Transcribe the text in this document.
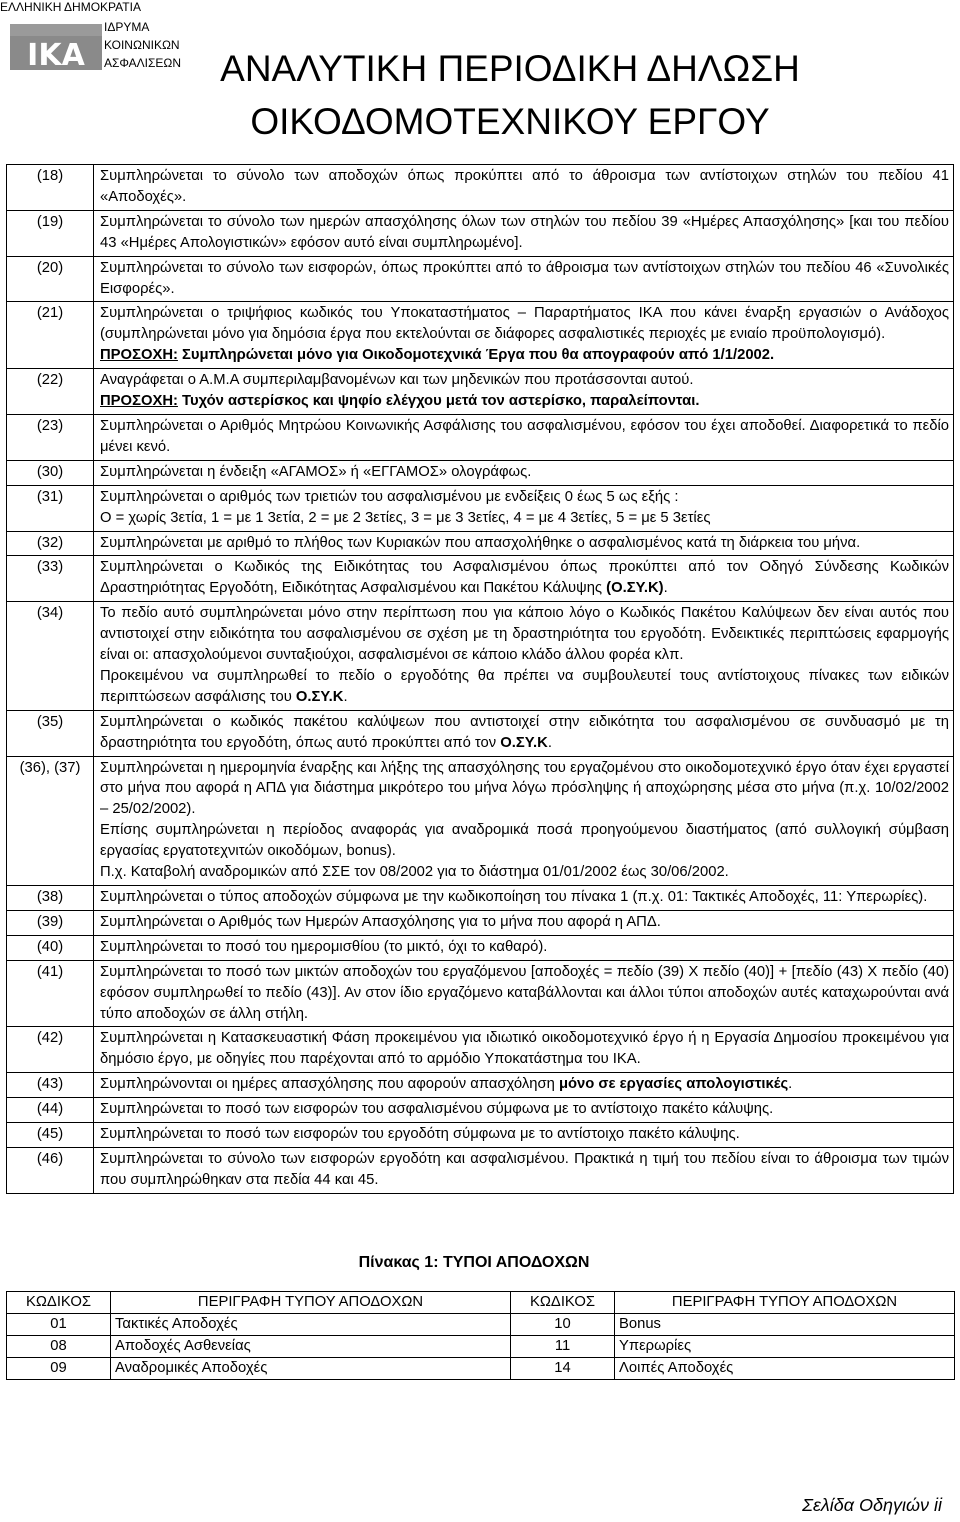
ΕΛΛΗΝΙΚΗ ΔΗΜΟΚΡΑΤΙΑ
ΙΔΡΥΜΑ
ΚΟΙΝΩΝΙΚΩΝ
ΑΣΦΑΛΙΣΕΩΝ
ΙΚΑ	ΑΝΑΛΥΤΙΚΗ ΠΕΡΙΟΔΙΚΗ ΔΗΛΩΣΗ
ΟΙΚΟΔΟΜΟΤΕΧΝΙΚΟΥ ΕΡΓΟΥ
(18)	Συμπληρώνεται το σύνολο των αποδοχών όπως προκύπτει από το άθροισμα των αντίστοιχων στηλών του πεδίου 41 «Αποδοχές».

(19)	Συμπληρώνεται το σύνολο των ημερών απασχόλησης όλων των στηλών του πεδίου 39 «Ημέρες Απασχόλησης» [και του πεδίου 43 «Ημέρες Απολογιστικών» εφόσον αυτό είναι συμπληρωμένο].

(20)	Συμπληρώνεται το σύνολο των εισφορών, όπως προκύπτει από το άθροισμα των αντίστοιχων στηλών του πεδίου 46 «Συνολικές Εισφορές».

(21)	Συμπληρώνεται ο τριψήφιος κωδικός του Υποκαταστήματος – Παραρτήματος ΙΚΑ που κάνει έναρξη εργασιών ο Ανάδοχος (συμπληρώνεται μόνο για δημόσια έργα που εκτελούνται σε διάφορες ασφαλιστικές περιοχές με ενιαίο προϋπολογισμό).
ΠΡΟΣΟΧΗ: Συμπληρώνεται μόνο για Οικοδομοτεχνικά Έργα που θα απογραφούν από 1/1/2002.

(22)	Αναγράφεται ο Α.Μ.Α συμπεριλαμβανομένων και των μηδενικών που προτάσσονται αυτού.
ΠΡΟΣΟΧΗ: Τυχόν αστερίσκος και ψηφίο ελέγχου μετά τον αστερίσκο, παραλείπονται.

(23)	Συμπληρώνεται ο Αριθμός Μητρώου Κοινωνικής Ασφάλισης του ασφαλισμένου, εφόσον του έχει αποδοθεί. Διαφορετικά το πεδίο μένει κενό.

(30)	Συμπληρώνεται η ένδειξη «ΑΓΑΜΟΣ» ή «ΕΓΓΑΜΟΣ» ολογράφως.

(31)	Συμπληρώνεται ο αριθμός των τριετιών του ασφαλισμένου με ενδείξεις 0 έως 5 ως εξής :
Ο = χωρίς 3ετία, 1 = με 1 3ετία, 2 = με 2 3ετίες, 3 = με 3 3ετίες, 4 = με 4 3ετίες, 5 = με 5 3ετίες

(32)	Συμπληρώνεται με αριθμό το πλήθος των Κυριακών που απασχολήθηκε ο ασφαλισμένος κατά τη διάρκεια του μήνα.

(33)	Συμπληρώνεται ο Κωδικός της Ειδικότητας του Ασφαλισμένου όπως προκύπτει από τον Οδηγό Σύνδεσης Κωδικών Δραστηριότητας Εργοδότη, Ειδικότητας Ασφαλισμένου και Πακέτου Κάλυψης (Ο.ΣΥ.Κ).

(34)	Το πεδίο αυτό συμπληρώνεται μόνο στην περίπτωση που για κάποιο λόγο ο Κωδικός Πακέτου Καλύψεων δεν είναι αυτός που αντιστοιχεί στην ειδικότητα του ασφαλισμένου σε σχέση με τη δραστηριότητα του εργοδότη. Ενδεικτικές περιπτώσεις εφαρμογής είναι οι: απασχολούμενοι συνταξιούχοι, ασφαλισμένοι σε κάποιο κλάδο άλλου φορέα κλπ.
Προκειμένου να συμπληρωθεί το πεδίο ο εργοδότης θα πρέπει να συμβουλευτεί τους αντίστοιχους πίνακες των ειδικών περιπτώσεων ασφάλισης του Ο.ΣΥ.Κ.

(35)	Συμπληρώνεται ο κωδικός πακέτου καλύψεων που αντιστοιχεί στην ειδικότητα του ασφαλισμένου σε συνδυασμό με τη δραστηριότητα του εργοδότη, όπως αυτό προκύπτει από τον Ο.ΣΥ.Κ.

(36), (37)	Συμπληρώνεται η ημερομηνία έναρξης και λήξης της απασχόλησης του εργαζομένου στο οικοδομοτεχνικό έργο όταν έχει εργαστεί στο μήνα που αφορά η ΑΠΔ για διάστημα μικρότερο του μήνα λόγω πρόσληψης ή αποχώρησης μέσα στο μήνα (π.χ. 10/02/2002 – 25/02/2002).
Επίσης συμπληρώνεται η περίοδος αναφοράς για αναδρομικά ποσά προηγούμενου διαστήματος (από συλλογική σύμβαση εργασίας εργατοτεχνιτών οικοδόμων, bonus).
Π.χ. Καταβολή αναδρομικών από ΣΣΕ τον 08/2002 για το διάστημα 01/01/2002 έως 30/06/2002.

(38)	Συμπληρώνεται ο τύπος αποδοχών σύμφωνα με την κωδικοποίηση του πίνακα 1 (π.χ. 01: Τακτικές Αποδοχές, 11: Υπερωρίες).

(39)	Συμπληρώνεται ο Αριθμός των Ημερών Απασχόλησης για το μήνα που αφορά η ΑΠΔ.

(40)	Συμπληρώνεται το ποσό του ημερομισθίου (το μικτό, όχι το καθαρό).

(41)	Συμπληρώνεται το ποσό των μικτών αποδοχών του εργαζόμενου [αποδοχές = πεδίο (39) Χ πεδίο (40)] + [πεδίο (43) Χ πεδίο (40) εφόσον συμπληρωθεί το πεδίο (43)]. Αν στον ίδιο εργαζόμενο καταβάλλονται και άλλοι τύποι αποδοχών αυτές καταχωρούνται ανά τύπο αποδοχών σε άλλη στήλη.

(42)	Συμπληρώνεται η Κατασκευαστική Φάση προκειμένου για ιδιωτικό οικοδομοτεχνικό έργο ή η Εργασία Δημοσίου προκειμένου για δημόσιο έργο, με οδηγίες που παρέχονται από το αρμόδιο Υποκατάστημα του ΙΚΑ.

(43)	Συμπληρώνονται οι ημέρες απασχόλησης που αφορούν απασχόληση μόνο σε εργασίες απολογιστικές.

(44)	Συμπληρώνεται το ποσό των εισφορών του ασφαλισμένου σύμφωνα με το αντίστοιχο πακέτο κάλυψης.

(45)	Συμπληρώνεται το ποσό των εισφορών του εργοδότη σύμφωνα με το αντίστοιχο πακέτο κάλυψης.

(46)	Συμπληρώνεται το σύνολο των εισφορών εργοδότη και ασφαλισμένου. Πρακτικά η τιμή του πεδίου είναι το άθροισμα των τιμών που συμπληρώθηκαν στα πεδία 44 και 45.
Πίνακας 1: ΤΥΠΟΙ ΑΠΟΔΟΧΩΝ
ΚΩΔΙΚΟΣ	ΠΕΡΙΓΡΑΦΗ ΤΥΠΟΥ ΑΠΟΔΟΧΩΝ	ΚΩΔΙΚΟΣ	ΠΕΡΙΓΡΑΦΗ ΤΥΠΟΥ ΑΠΟΔΟΧΩΝ
01	Τακτικές Αποδοχές	10	Bonus
08	Αποδοχές Ασθενείας	11	Υπερωρίες
09	Αναδρομικές Αποδοχές	14	Λοιπές Αποδοχές
Σελίδα Οδηγιών ii
